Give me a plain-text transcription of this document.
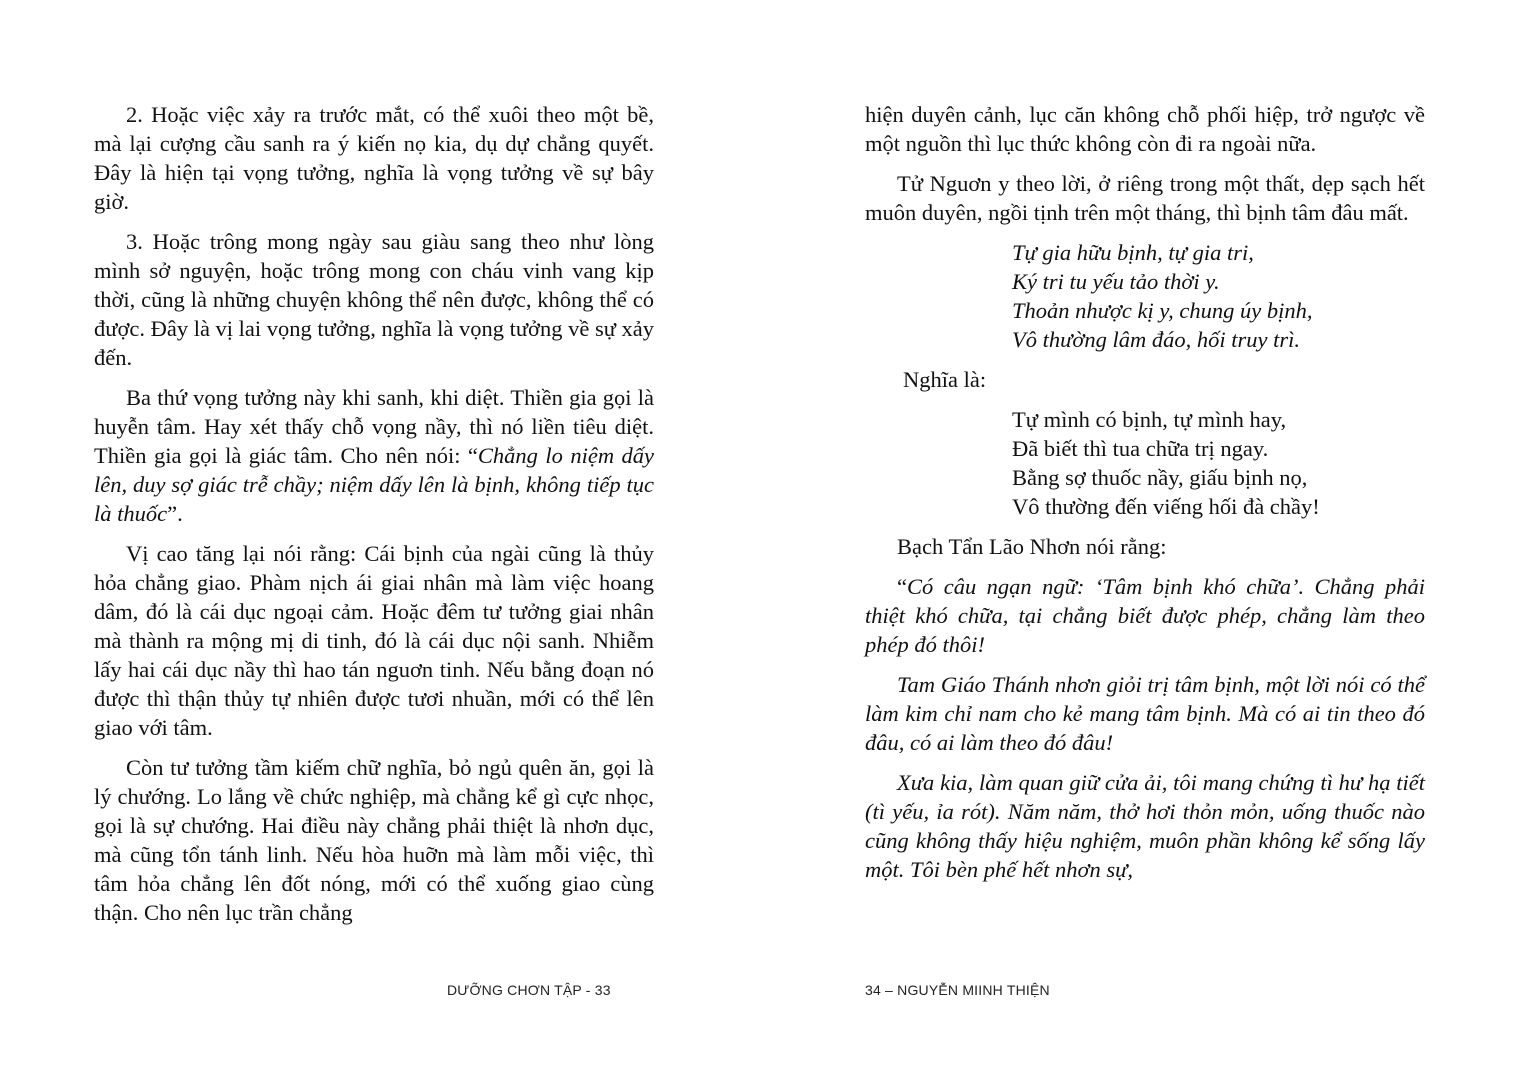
2. Hoặc việc xảy ra trước mắt, có thể xuôi theo một bề, mà lại cượng cầu sanh ra ý kiến nọ kia, dụ dự chẳng quyết. Đây là hiện tại vọng tưởng, nghĩa là vọng tưởng về sự bây giờ.

3. Hoặc trông mong ngày sau giàu sang theo như lòng mình sở nguyện, hoặc trông mong con cháu vinh vang kịp thời, cũng là những chuyện không thể nên được, không thể có được. Đây là vị lai vọng tưởng, nghĩa là vọng tưởng về sự xảy đến.

Ba thứ vọng tưởng này khi sanh, khi diệt. Thiền gia gọi là huyễn tâm. Hay xét thấy chỗ vọng nầy, thì nó liền tiêu diệt. Thiền gia gọi là giác tâm. Cho nên nói: “Chẳng lo niệm dấy lên, duy sợ giác trễ chầy; niệm dấy lên là bịnh, không tiếp tục là thuốc”.

Vị cao tăng lại nói rằng: Cái bịnh của ngài cũng là thủy hỏa chẳng giao. Phàm nịch ái giai nhân mà làm việc hoang dâm, đó là cái dục ngoại cảm. Hoặc đêm tư tưởng giai nhân mà thành ra mộng mị di tinh, đó là cái dục nội sanh. Nhiễm lấy hai cái dục nầy thì hao tán nguơn tinh. Nếu bằng đoạn nó được thì thận thủy tự nhiên được tươi nhuần, mới có thể lên giao với tâm.

Còn tư tưởng tầm kiếm chữ nghĩa, bỏ ngủ quên ăn, gọi là lý chướng. Lo lắng về chức nghiệp, mà chẳng kể gì cực nhọc, gọi là sự chướng. Hai điều này chẳng phải thiệt là nhơn dục, mà cũng tổn tánh linh. Nếu hòa huỡn mà làm mỗi việc, thì tâm hỏa chẳng lên đốt nóng, mới có thể xuống giao cùng thận. Cho nên lục trần chẳng

DƯỠNG CHƠN TẬP - 33

hiện duyên cảnh, lục căn không chỗ phối hiệp, trở ngược về một nguồn thì lục thức không còn đi ra ngoài nữa.

Tử Nguơn y theo lời, ở riêng trong một thất, dẹp sạch hết muôn duyên, ngồi tịnh trên một tháng, thì bịnh tâm đâu mất.

Tự gia hữu bịnh, tự gia tri,
Ký tri tu yếu tảo thời y.
Thoản nhược kị y, chung úy bịnh,
Vô thường lâm đáo, hối truy trì.
Nghĩa là:
Tự mình có bịnh, tự mình hay,
Đã biết thì tua chữa trị ngay.
Bằng sợ thuốc nầy, giấu bịnh nọ,
Vô thường đến viếng hối đà chầy!

Bạch Tẩn Lão Nhơn nói rằng:

“Có câu ngạn ngữ: ‘Tâm bịnh khó chữa’. Chẳng phải thiệt khó chữa, tại chẳng biết được phép, chẳng làm theo phép đó thôi!

Tam Giáo Thánh nhơn giỏi trị tâm bịnh, một lời nói có thể làm kim chỉ nam cho kẻ mang tâm bịnh. Mà có ai tin theo đó đâu, có ai làm theo đó đâu!

Xưa kia, làm quan giữ cửa ải, tôi mang chứng tì hư hạ tiết (tì yếu, ỉa rót). Năm năm, thở hơi thỏn mỏn, uống thuốc nào cũng không thấy hiệu nghiệm, muôn phần không kể sống lấy một. Tôi bèn phế hết nhơn sự,

34 – NGUYỄN MIINH THIỆN
